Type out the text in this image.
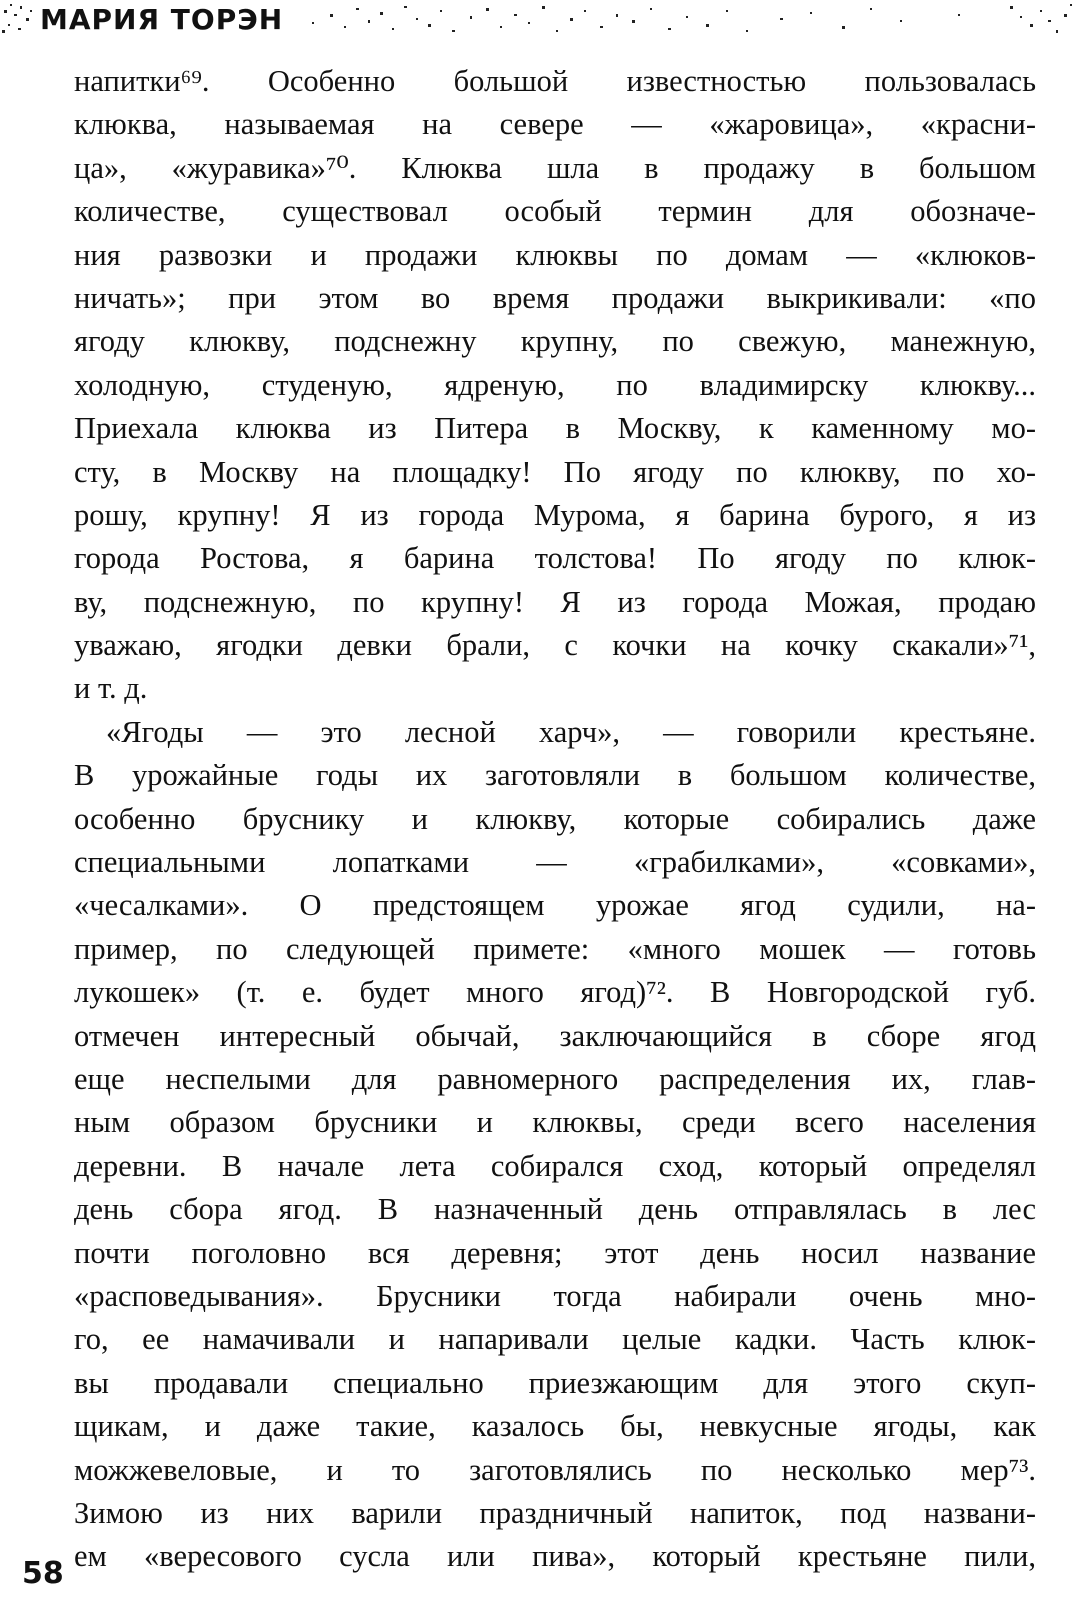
МАРИЯ ТОРЭН
напитки⁶⁹. Особенно большой известностью пользовалась
клюква, называемая на севере — «жаровица», «красни-
ца», «журавика»⁷⁰. Клюква шла в продажу в большом
количестве, существовал особый термин для обозначе-
ния развозки и продажи клюквы по домам — «клюков-
ничать»; при этом во время продажи выкрикивали: «по
ягоду клюкву, подснежну крупну, по свежую, манежную,
холодную, студеную, ядреную, по владимирску клюкву...
Приехала клюква из Питера в Москву, к каменному мо-
сту, в Москву на площадку! По ягоду по клюкву, по хо-
рошу, крупну! Я из города Мурома, я барина бурого, я из
города Ростова, я барина толстова! По ягоду по клюк-
ву, подснежную, по крупну! Я из города Можая, продаю
уважаю, ягодки девки брали, с кочки на кочку скакали»⁷¹,
и т. д.
«Ягоды — это лесной харч», — говорили крестьяне.
В урожайные годы их заготовляли в большом количестве,
особенно бруснику и клюкву, которые собирались даже
специальными лопатками — «грабилками», «совками»,
«чесалками». О предстоящем урожае ягод судили, на-
пример, по следующей примете: «много мошек — готовь
лукошек» (т. е. будет много ягод)⁷². В Новгородской губ.
отмечен интересный обычай, заключающийся в сборе ягод
еще неспелыми для равномерного распределения их, глав-
ным образом брусники и клюквы, среди всего населения
деревни. В начале лета собирался сход, который определял
день сбора ягод. В назначенный день отправлялась в лес
почти поголовно вся деревня; этот день носил название
«расповедывания». Брусники тогда набирали очень мно-
го, ее намачивали и напаривали целые кадки. Часть клюк-
вы продавали специально приезжающим для этого скуп-
щикам, и даже такие, казалось бы, невкусные ягоды, как
можжевеловые, и то заготовлялись по несколько мер⁷³.
Зимою из них варили праздничный напиток, под названи-
ем «вересового сусла или пива», который крестьяне пили,
58
